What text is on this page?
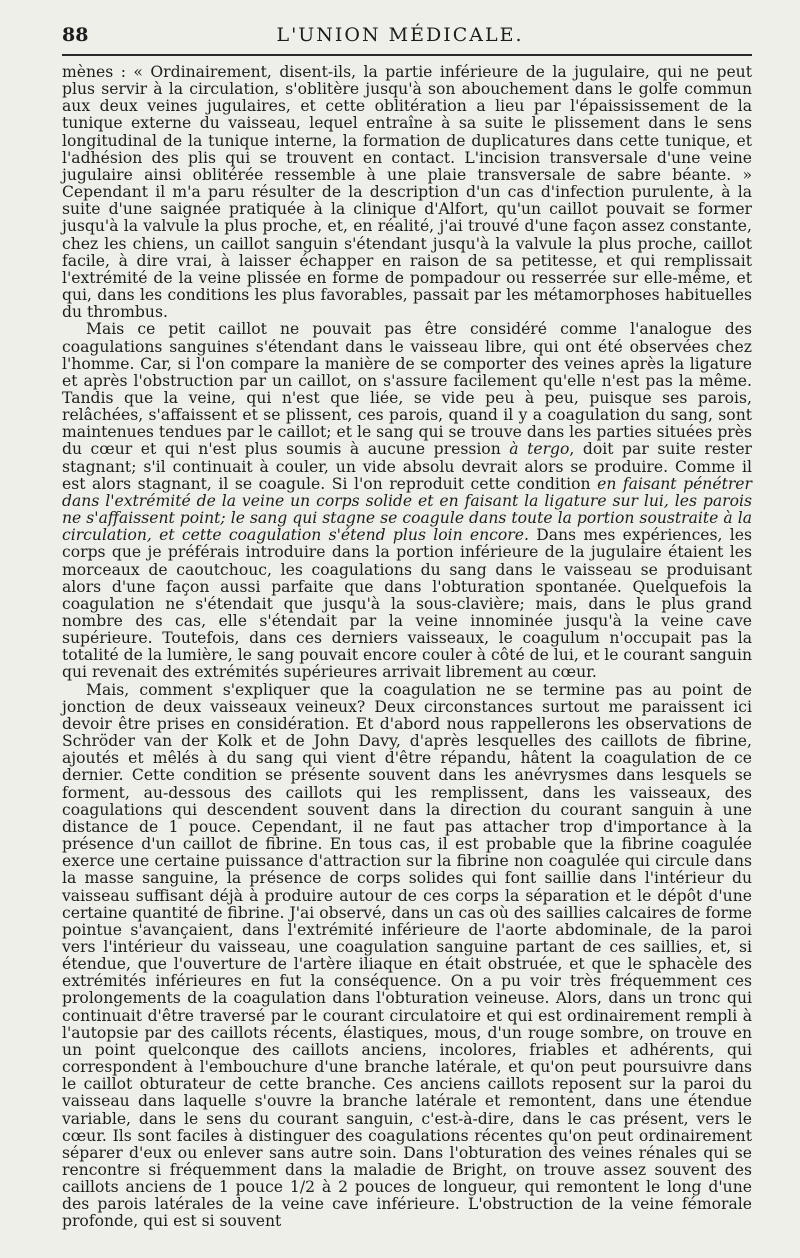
88	L'UNION MÉDICALE.

mènes : « Ordinairement, disent-ils, la partie inférieure de la jugulaire, qui ne peut plus servir à la circulation, s'oblitère jusqu'à son abouchement dans le golfe commun aux deux veines jugulaires, et cette oblitération a lieu par l'épaississement de la tunique externe du vaisseau, lequel entraîne à sa suite le plissement dans le sens longitudinal de la tunique interne, la formation de duplicatures dans cette tunique, et l'adhésion des plis qui se trouvent en contact. L'incision transversale d'une veine jugulaire ainsi oblitérée ressemble à une plaie transversale de sabre béante. » Cependant il m'a paru résulter de la description d'un cas d'infection purulente, à la suite d'une saignée pratiquée à la clinique d'Alfort, qu'un caillot pouvait se former jusqu'à la valvule la plus proche, et, en réalité, j'ai trouvé d'une façon assez constante, chez les chiens, un caillot sanguin s'étendant jusqu'à la valvule la plus proche, caillot facile, à dire vrai, à laisser échapper en raison de sa petitesse, et qui remplissait l'extrémité de la veine plissée en forme de pompadour ou resserrée sur elle-même, et qui, dans les conditions les plus favorables, passait par les métamorphoses habituelles du thrombus.

Mais ce petit caillot ne pouvait pas être considéré comme l'analogue des coagulations sanguines s'étendant dans le vaisseau libre, qui ont été observées chez l'homme. Car, si l'on compare la manière de se comporter des veines après la ligature et après l'obstruction par un caillot, on s'assure facilement qu'elle n'est pas la même. Tandis que la veine, qui n'est que liée, se vide peu à peu, puisque ses parois, relâchées, s'affaissent et se plissent, ces parois, quand il y a coagulation du sang, sont maintenues tendues par le caillot; et le sang qui se trouve dans les parties situées près du cœur et qui n'est plus soumis à aucune pression à tergo, doit par suite rester stagnant; s'il continuait à couler, un vide absolu devrait alors se produire. Comme il est alors stagnant, il se coagule. Si l'on reproduit cette condition en faisant pénétrer dans l'extrémité de la veine un corps solide et en faisant la ligature sur lui, les parois ne s'affaissent point; le sang qui stagne se coagule dans toute la portion soustraite à la circulation, et cette coagulation s'étend plus loin encore. Dans mes expériences, les corps que je préférais introduire dans la portion inférieure de la jugulaire étaient les morceaux de caoutchouc, les coagulations du sang dans le vaisseau se produisant alors d'une façon aussi parfaite que dans l'obturation spontanée. Quelquefois la coagulation ne s'étendait que jusqu'à la sous-clavière; mais, dans le plus grand nombre des cas, elle s'étendait par la veine innominée jusqu'à la veine cave supérieure. Toutefois, dans ces derniers vaisseaux, le coagulum n'occupait pas la totalité de la lumière, le sang pouvait encore couler à côté de lui, et le courant sanguin qui revenait des extrémités supérieures arrivait librement au cœur.

Mais, comment s'expliquer que la coagulation ne se termine pas au point de jonction de deux vaisseaux veineux? Deux circonstances surtout me paraissent ici devoir être prises en considération. Et d'abord nous rappellerons les observations de Schröder van der Kolk et de John Davy, d'après lesquelles des caillots de fibrine, ajoutés et mêlés à du sang qui vient d'être répandu, hâtent la coagulation de ce dernier. Cette condition se présente souvent dans les anévrysmes dans lesquels se forment, au-dessous des caillots qui les remplissent, dans les vaisseaux, des coagulations qui descendent souvent dans la direction du courant sanguin à une distance de 1 pouce. Cependant, il ne faut pas attacher trop d'importance à la présence d'un caillot de fibrine. En tous cas, il est probable que la fibrine coagulée exerce une certaine puissance d'attraction sur la fibrine non coagulée qui circule dans la masse sanguine, la présence de corps solides qui font saillie dans l'intérieur du vaisseau suffisant déjà à produire autour de ces corps la séparation et le dépôt d'une certaine quantité de fibrine. J'ai observé, dans un cas où des saillies calcaires de forme pointue s'avançaient, dans l'extrémité inférieure de l'aorte abdominale, de la paroi vers l'intérieur du vaisseau, une coagulation sanguine partant de ces saillies, et, si étendue, que l'ouverture de l'artère iliaque en était obstruée, et que le sphacèle des extrémités inférieures en fut la conséquence. On a pu voir très fréquemment ces prolongements de la coagulation dans l'obturation veineuse. Alors, dans un tronc qui continuait d'être traversé par le courant circulatoire et qui est ordinairement rempli à l'autopsie par des caillots récents, élastiques, mous, d'un rouge sombre, on trouve en un point quelconque des caillots anciens, incolores, friables et adhérents, qui correspondent à l'embouchure d'une branche latérale, et qu'on peut poursuivre dans le caillot obturateur de cette branche. Ces anciens caillots reposent sur la paroi du vaisseau dans laquelle s'ouvre la branche latérale et remontent, dans une étendue variable, dans le sens du courant sanguin, c'est-à-dire, dans le cas présent, vers le cœur. Ils sont faciles à distinguer des coagulations récentes qu'on peut ordinairement séparer d'eux ou enlever sans autre soin. Dans l'obturation des veines rénales qui se rencontre si fréquemment dans la maladie de Bright, on trouve assez souvent des caillots anciens de 1 pouce 1/2 à 2 pouces de longueur, qui remontent le long d'une des parois latérales de la veine cave inférieure. L'obstruction de la veine fémorale profonde, qui est si souvent
